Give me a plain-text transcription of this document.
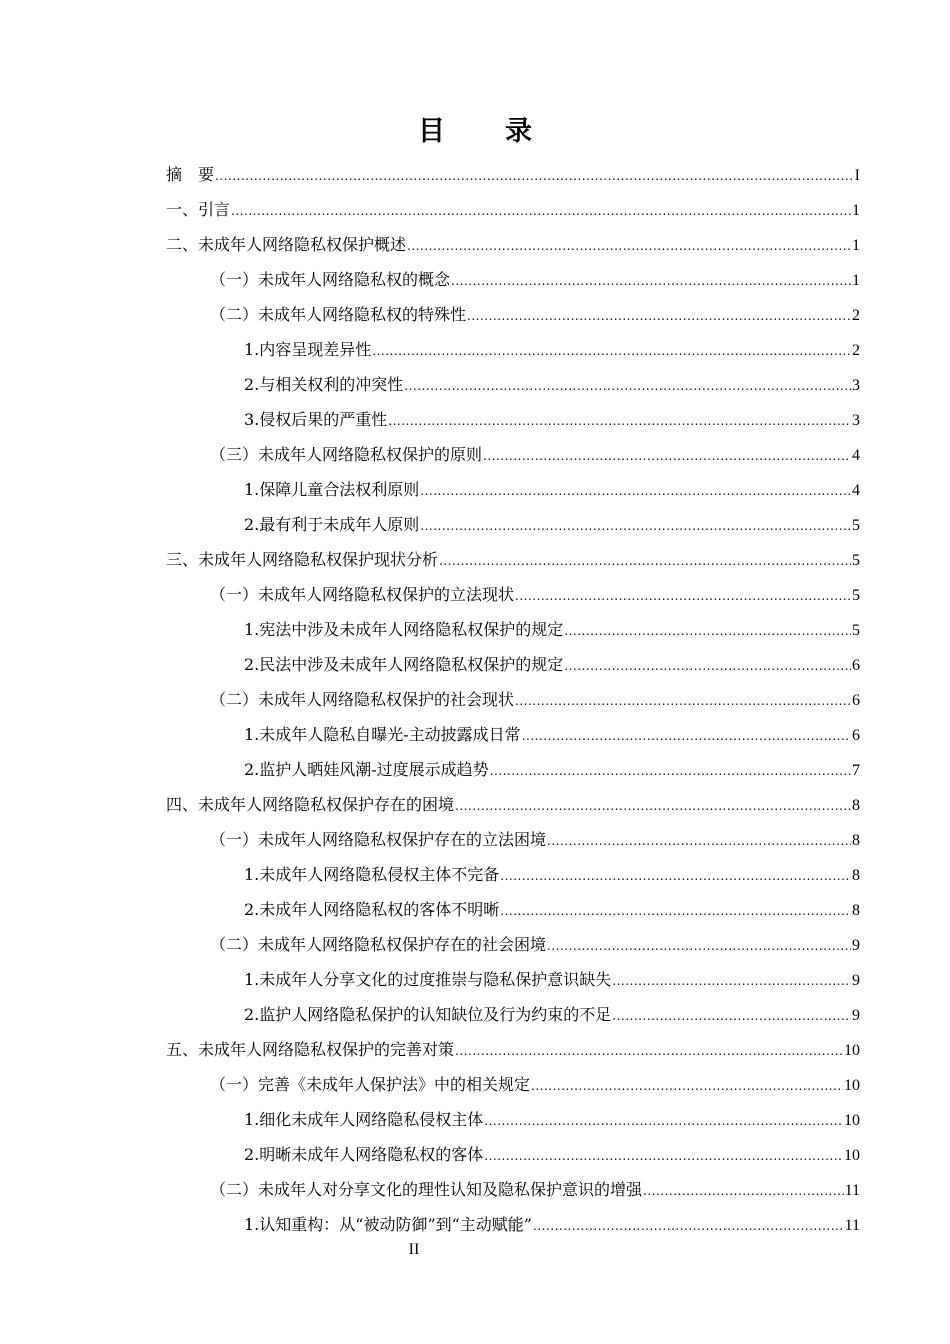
目录
摘　要 .....	I
一、引言 .....	1
二、未成年人网络隐私权保护概述 .....	1
（一）未成年人网络隐私权的概念 .....	1
（二）未成年人网络隐私权的特殊性 .....	2
1.内容呈现差异性 .....	2
2.与相关权利的冲突性 .....	3
3.侵权后果的严重性 .....	3
（三）未成年人网络隐私权保护的原则 .....	4
1.保障儿童合法权利原则 .....	4
2.最有利于未成年人原则 .....	5
三、未成年人网络隐私权保护现状分析 .....	5
（一）未成年人网络隐私权保护的立法现状 .....	5
1.宪法中涉及未成年人网络隐私权保护的规定 .....	5
2.民法中涉及未成年人网络隐私权保护的规定 .....	6
（二）未成年人网络隐私权保护的社会现状 .....	6
1.未成年人隐私自曝光-主动披露成日常 .....	6
2.监护人晒娃风潮-过度展示成趋势 .....	7
四、未成年人网络隐私权保护存在的困境 .....	8
（一）未成年人网络隐私权保护存在的立法困境 .....	8
1.未成年人网络隐私侵权主体不完备 .....	8
2.未成年人网络隐私权的客体不明晰 .....	8
（二）未成年人网络隐私权保护存在的社会困境 .....	9
1.未成年人分享文化的过度推崇与隐私保护意识缺失 .....	9
2.监护人网络隐私保护的认知缺位及行为约束的不足 .....	9
五、未成年人网络隐私权保护的完善对策 .....	10
（一）完善《未成年人保护法》中的相关规定 .....	10
1.细化未成年人网络隐私侵权主体 .....	10
2.明晰未成年人网络隐私权的客体 .....	10
（二）未成年人对分享文化的理性认知及隐私保护意识的增强 .....	11
1.认知重构：从“被动防御”到“主动赋能” .....	11
II
